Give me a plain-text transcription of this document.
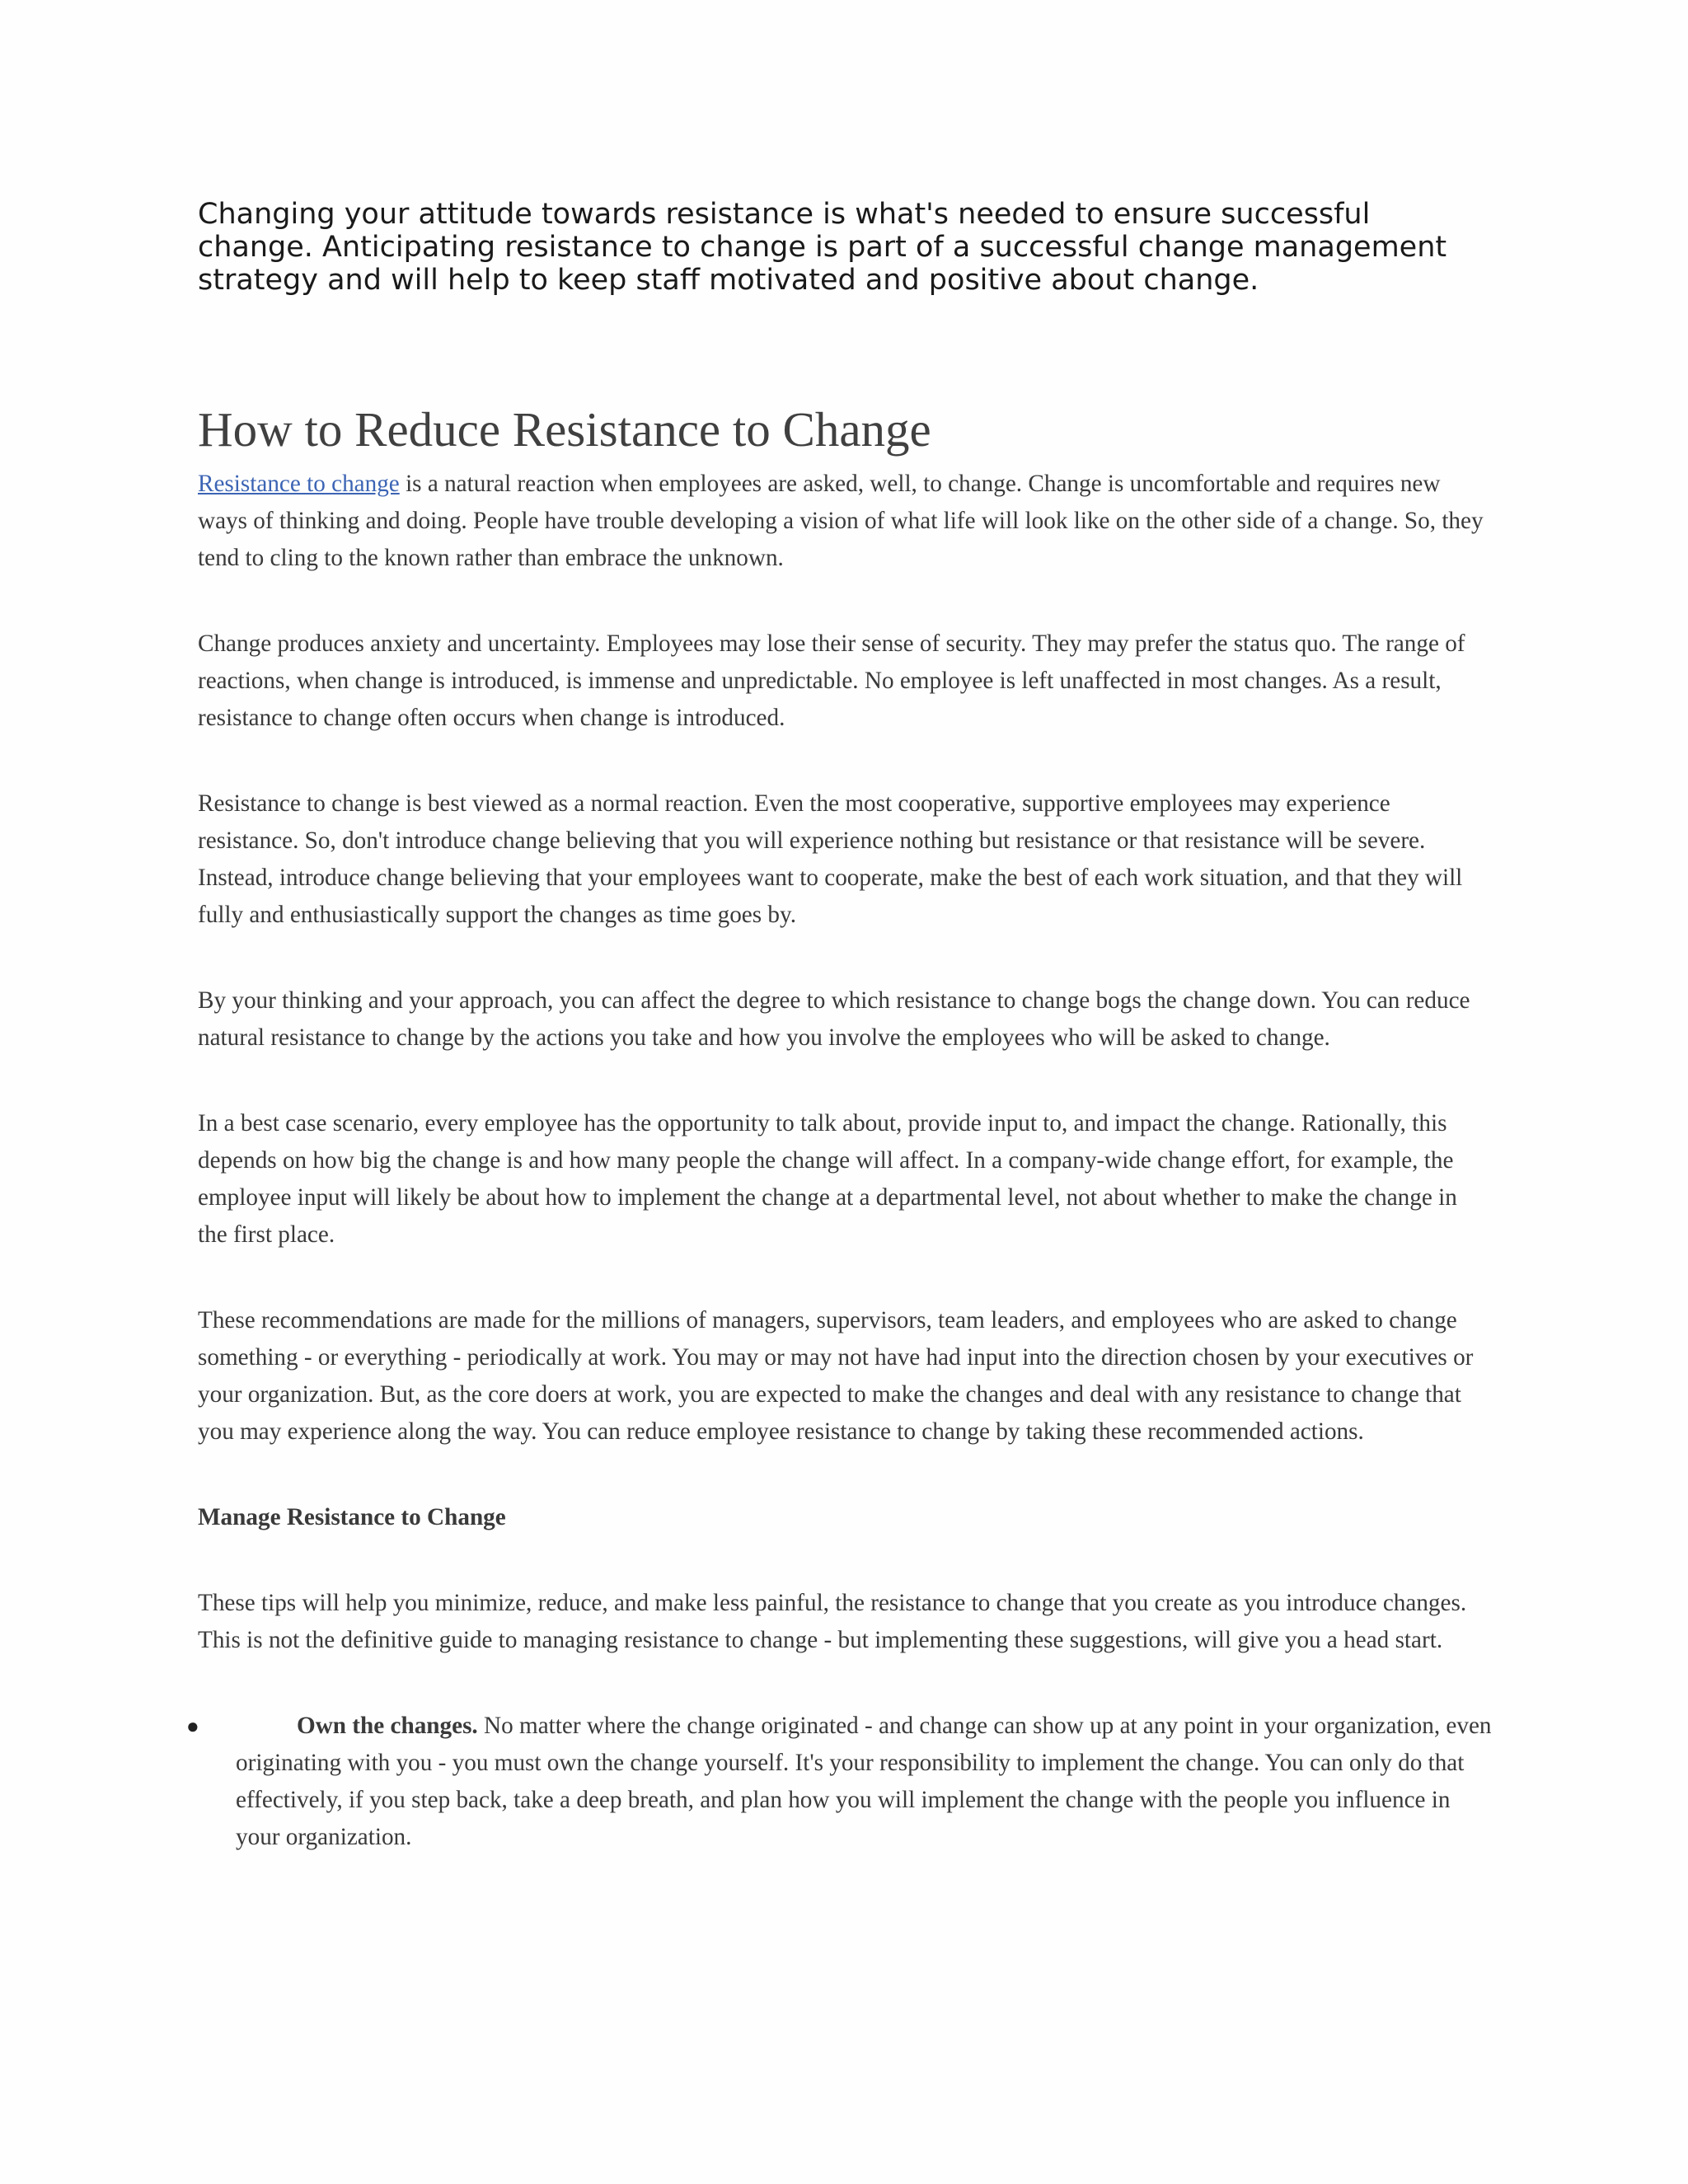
Changing your attitude towards resistance is what's needed to ensure successful change. Anticipating resistance to change is part of a successful change management strategy and will help to keep staff motivated and positive about change.

How to Reduce Resistance to Change

Resistance to change is a natural reaction when employees are asked, well, to change. Change is uncomfortable and requires new ways of thinking and doing. People have trouble developing a vision of what life will look like on the other side of a change. So, they tend to cling to the known rather than embrace the unknown.

Change produces anxiety and uncertainty. Employees may lose their sense of security. They may prefer the status quo. The range of reactions, when change is introduced, is immense and unpredictable. No employee is left unaffected in most changes. As a result, resistance to change often occurs when change is introduced.

Resistance to change is best viewed as a normal reaction. Even the most cooperative, supportive employees may experience resistance. So, don't introduce change believing that you will experience nothing but resistance or that resistance will be severe. Instead, introduce change believing that your employees want to cooperate, make the best of each work situation, and that they will fully and enthusiastically support the changes as time goes by.

By your thinking and your approach, you can affect the degree to which resistance to change bogs the change down. You can reduce natural resistance to change by the actions you take and how you involve the employees who will be asked to change.

In a best case scenario, every employee has the opportunity to talk about, provide input to, and impact the change. Rationally, this depends on how big the change is and how many people the change will affect. In a company-wide change effort, for example, the employee input will likely be about how to implement the change at a departmental level, not about whether to make the change in the first place.

These recommendations are made for the millions of managers, supervisors, team leaders, and employees who are asked to change something - or everything - periodically at work. You may or may not have had input into the direction chosen by your executives or your organization. But, as the core doers at work, you are expected to make the changes and deal with any resistance to change that you may experience along the way. You can reduce employee resistance to change by taking these recommended actions.

Manage Resistance to Change

These tips will help you minimize, reduce, and make less painful, the resistance to change that you create as you introduce changes. This is not the definitive guide to managing resistance to change - but implementing these suggestions, will give you a head start.

●	Own the changes. No matter where the change originated - and change can show up at any point in your organization, even originating with you - you must own the change yourself. It's your responsibility to implement the change. You can only do that effectively, if you step back, take a deep breath, and plan how you will implement the change with the people you influence in your organization.
